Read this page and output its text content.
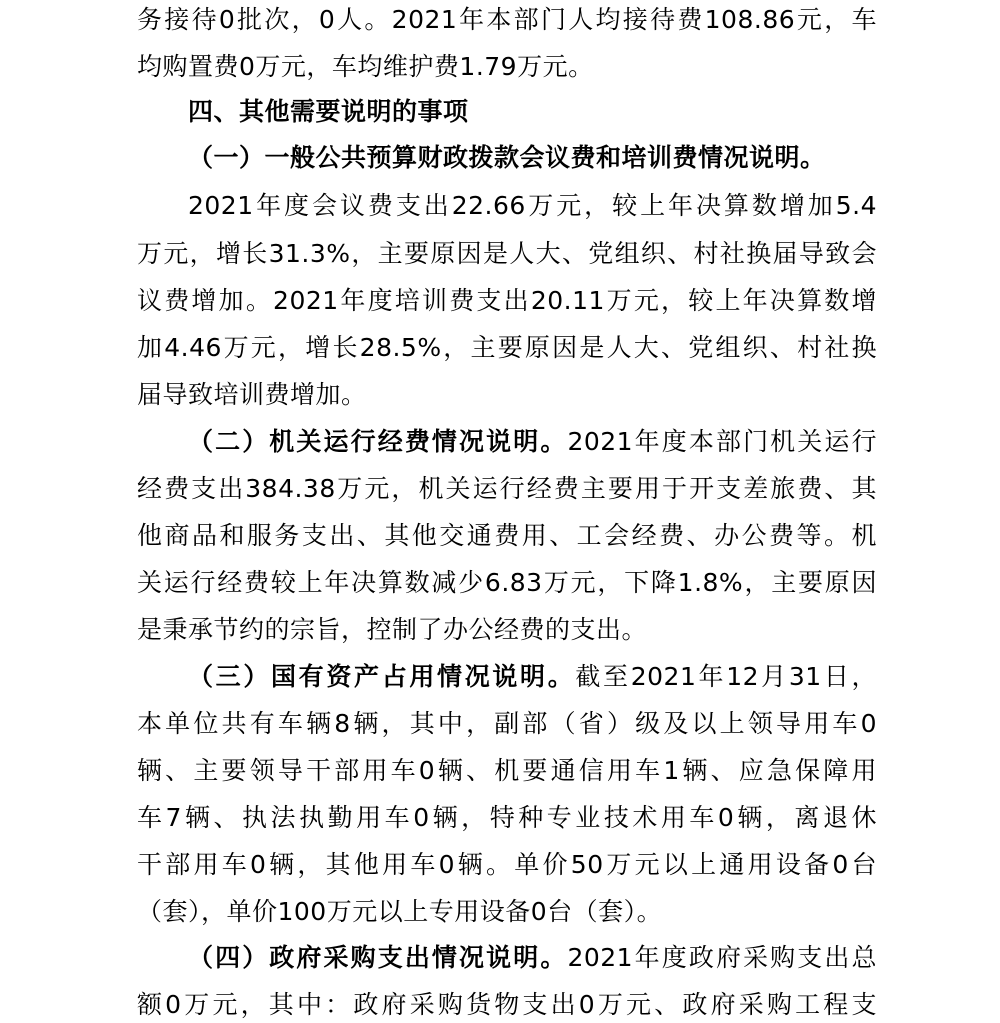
务接待0批次，0人。2021年本部门人均接待费108.86元，车
均购置费0万元，车均维护费1.79万元。
四、其他需要说明的事项
（一）一般公共预算财政拨款会议费和培训费情况说明。
2021年度会议费支出22.66万元，较上年决算数增加5.4
万元，增长31.3%，主要原因是人大、党组织、村社换届导致会
议费增加。2021年度培训费支出20.11万元，较上年决算数增
加4.46万元，增长28.5%，主要原因是人大、党组织、村社换
届导致培训费增加。
（二）机关运行经费情况说明。2021年度本部门机关运行
经费支出384.38万元，机关运行经费主要用于开支差旅费、其
他商品和服务支出、其他交通费用、工会经费、办公费等。机
关运行经费较上年决算数减少6.83万元，下降1.8%，主要原因
是秉承节约的宗旨，控制了办公经费的支出。
（三）国有资产占用情况说明。截至2021年12月31日，
本单位共有车辆8辆，其中，副部（省）级及以上领导用车0
辆、主要领导干部用车0辆、机要通信用车1辆、应急保障用
车7辆、执法执勤用车0辆，特种专业技术用车0辆，离退休
干部用车0辆，其他用车0辆。单价50万元以上通用设备0台
（套），单价100万元以上专用设备0台（套）。
（四）政府采购支出情况说明。2021年度政府采购支出总
额0万元，其中：政府采购货物支出0万元、政府采购工程支
